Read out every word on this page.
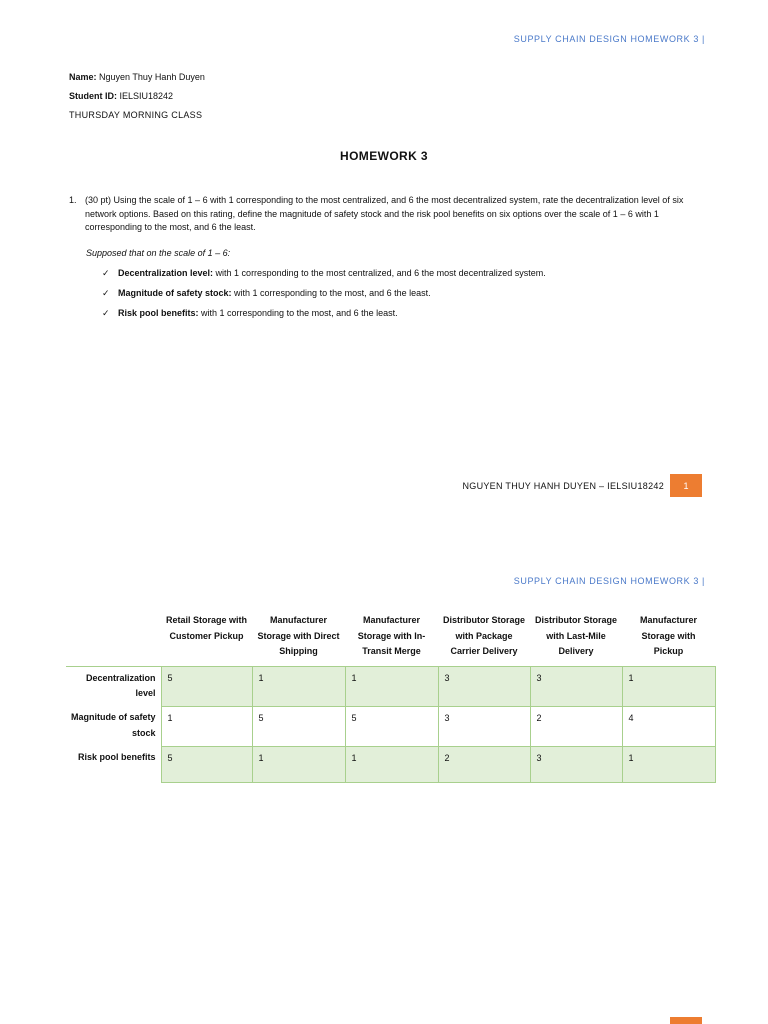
SUPPLY CHAIN DESIGN HOMEWORK 3 |
Name: Nguyen Thuy Hanh Duyen
Student ID: IELSIU18242
THURSDAY MORNING CLASS
HOMEWORK 3
1. (30 pt) Using the scale of 1 – 6 with 1 corresponding to the most centralized, and 6 the most decentralized system, rate the decentralization level of six network options. Based on this rating, define the magnitude of safety stock and the risk pool benefits on six options over the scale of 1 – 6 with 1 corresponding to the most, and 6 the least.
Supposed that on the scale of 1 – 6:
✓ Decentralization level: with 1 corresponding to the most centralized, and 6 the most decentralized system.
✓ Magnitude of safety stock: with 1 corresponding to the most, and 6 the least.
✓ Risk pool benefits: with 1 corresponding to the most, and 6 the least.
NGUYEN THUY HANH DUYEN – IELSIU18242	1
SUPPLY CHAIN DESIGN HOMEWORK 3 |
	Retail Storage with Customer Pickup	Manufacturer Storage with Direct Shipping	Manufacturer Storage with In-Transit Merge	Distributor Storage with Package Carrier Delivery	Distributor Storage with Last-Mile Delivery	Manufacturer Storage with Pickup
Decentralization level	5	1	1	3	3	1
Magnitude of safety stock	1	5	5	3	2	4
Risk pool benefits	5	1	1	2	3	1
